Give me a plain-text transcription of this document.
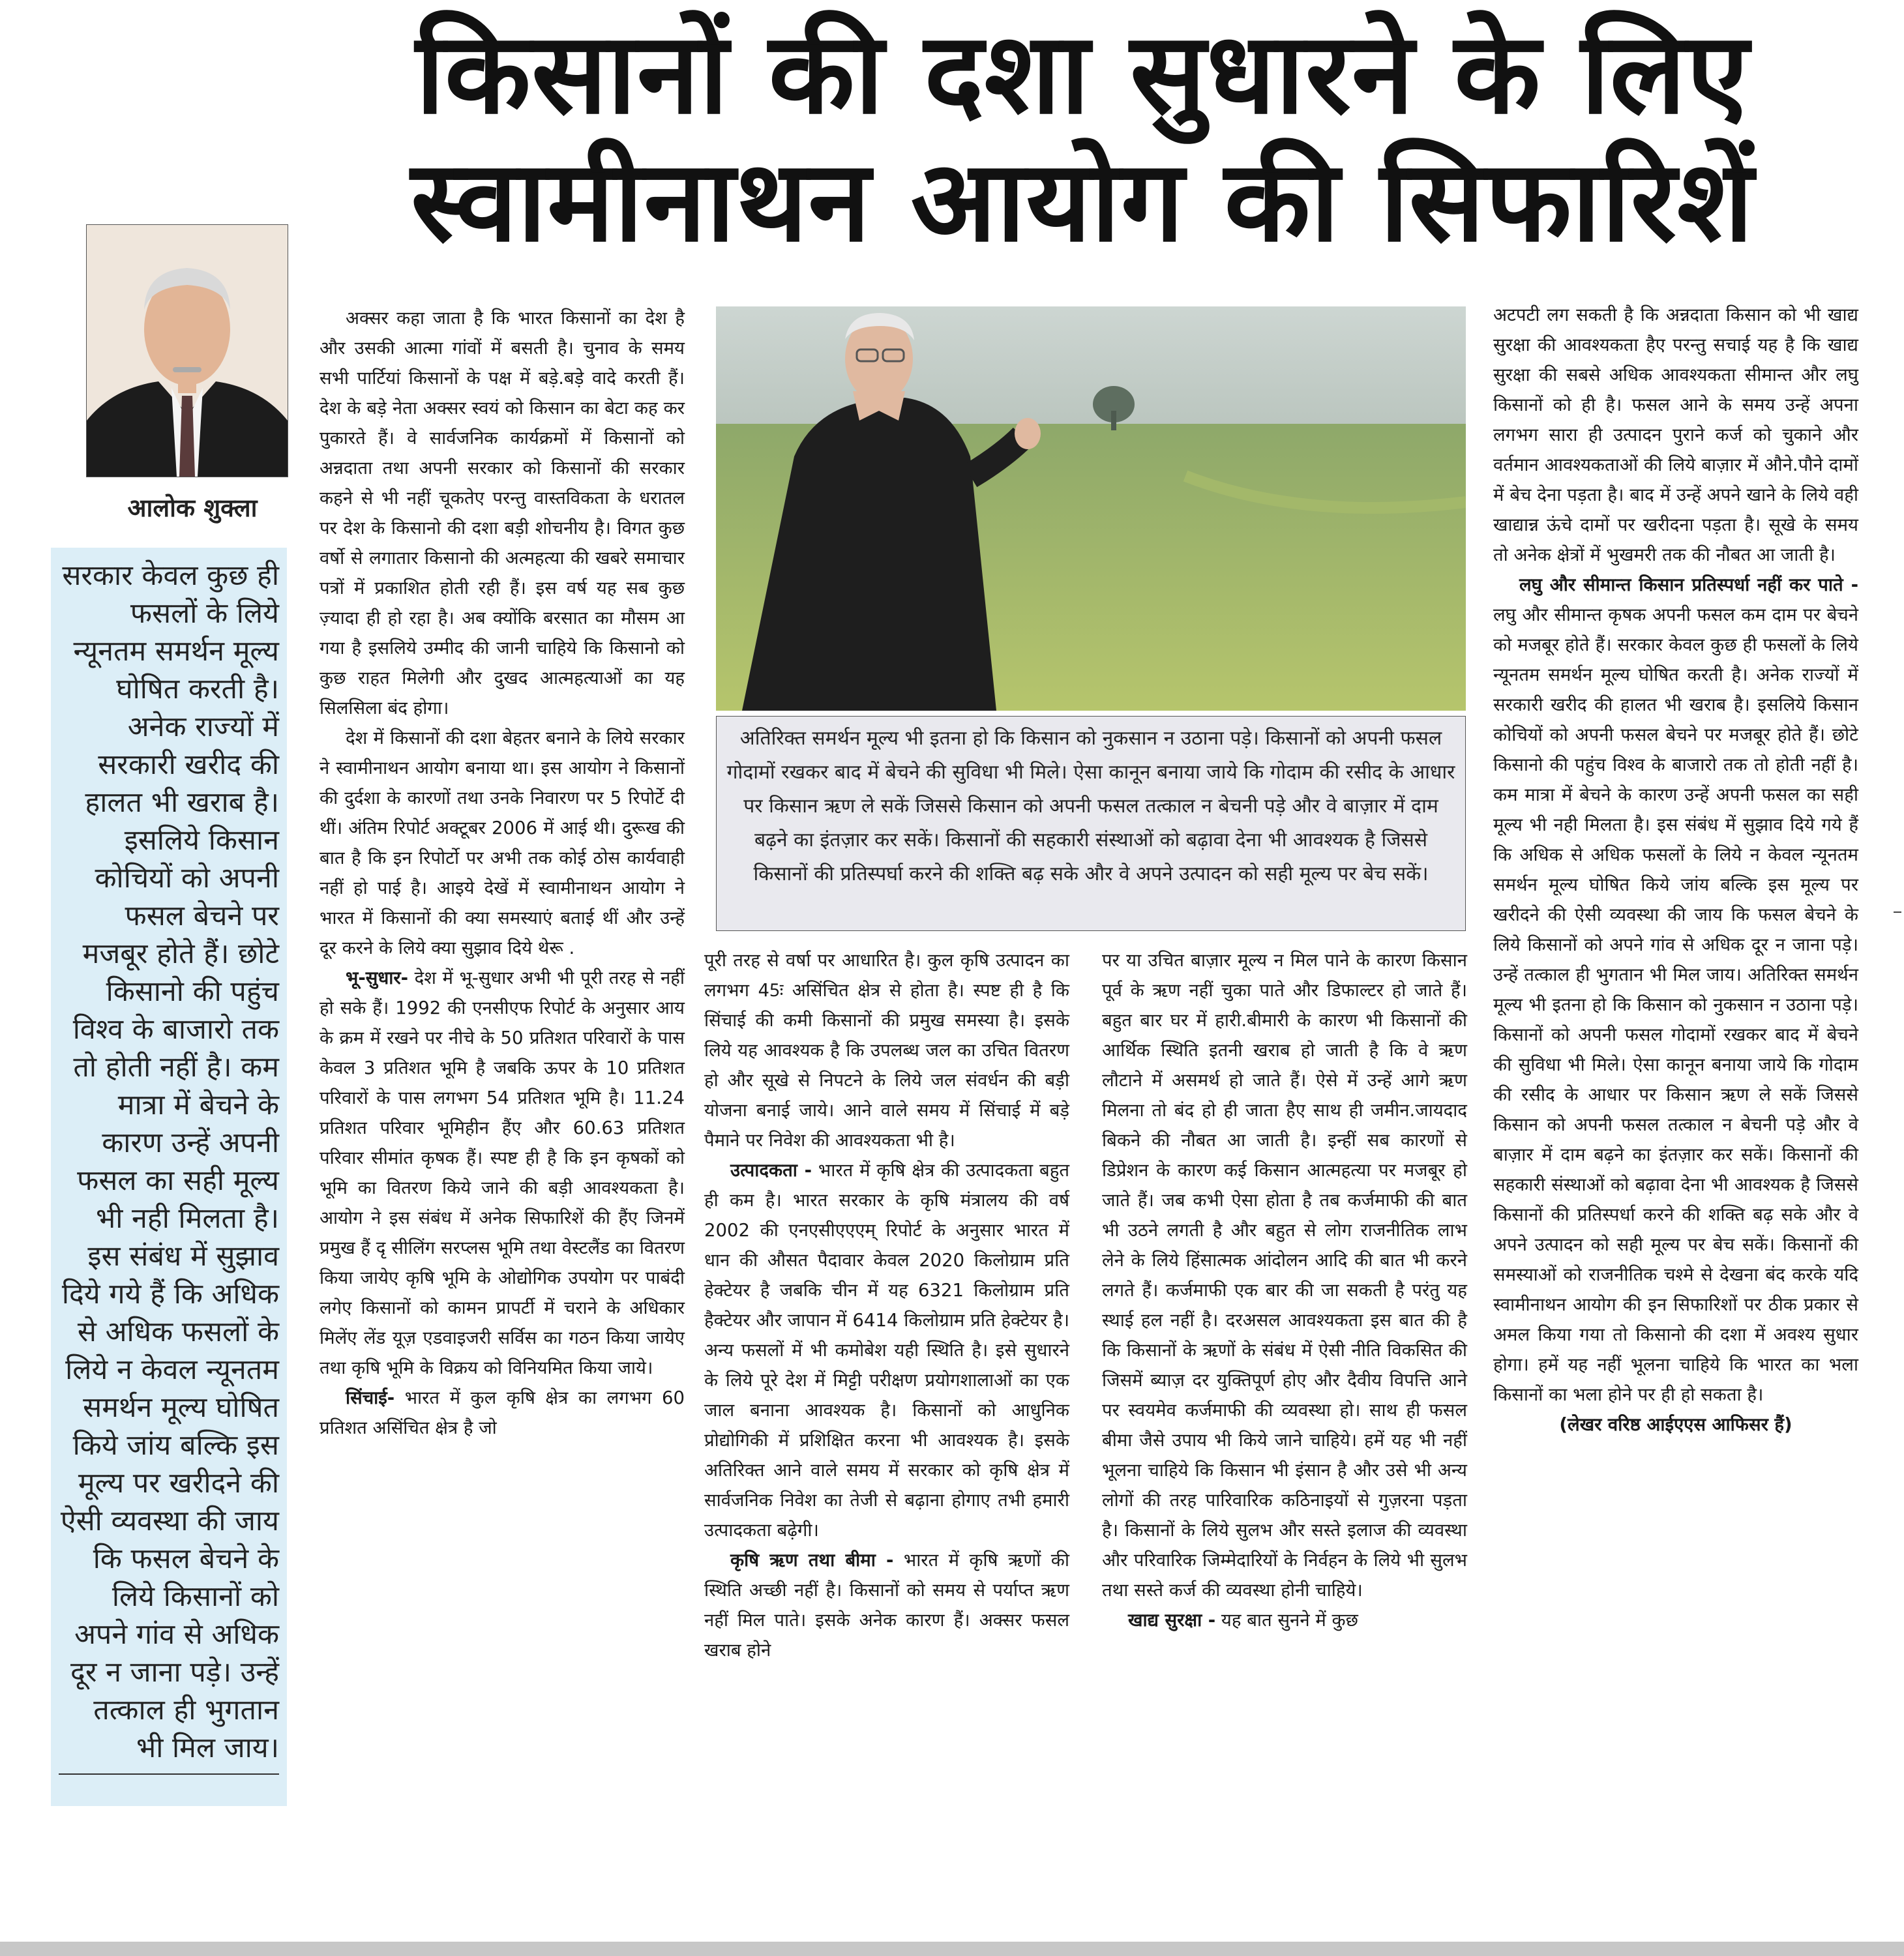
किसानों की दशा सुधारने के लिए
स्वामीनाथन आयोग की सिफारिशें
आलोक शुक्ला

सरकार केवल कुछ ही फसलों के लिये न्यूनतम समर्थन मूल्य घोषित करती है। अनेक राज्यों में सरकारी खरीद की हालत भी खराब है। इसलिये किसान कोचियों को अपनी फसल बेचने पर मजबूर होते हैं। छोटे किसानो की पहुंच विश्व के बाजारो तक तो होती नहीं है। कम मात्रा में बेचने के कारण उन्हें अपनी फसल का सही मूल्य भी नही मिलता है। इस संबंध में सुझाव दिये गये हैं कि अधिक से अधिक फसलों के लिये न केवल न्यूनतम समर्थन मूल्य घोषित किये जांय बल्कि इस मूल्य पर खरीदने की ऐसी व्यवस्था की जाय कि फसल बेचने के लिये किसानों को अपने गांव से अधिक दूर न जाना पड़े। उन्हें तत्काल ही भुगतान भी मिल जाय।

अक्सर कहा जाता है कि भारत किसानों का देश है और उसकी आत्मा गांवों में बसती है। चुनाव के समय सभी पार्टियां किसानों के पक्ष में बड़े.बड़े वादे करती हैं। देश के बड़े नेता अक्सर स्वयं को किसान का बेटा कह कर पुकारते हैं। वे सार्वजनिक कार्यक्रमों में किसानों को अन्नदाता तथा अपनी सरकार को किसानों की सरकार कहने से भी नहीं चूकतेए परन्तु वास्तविकता के धरातल पर देश के किसानो की दशा बड़ी शोचनीय है। विगत कुछ वर्षो से लगातार किसानो की अत्महत्या की खबरे समाचार पत्रों में प्रकाशित होती रही हैं। इस वर्ष यह सब कुछ ज़्यादा ही हो रहा है। अब क्योंकि बरसात का मौसम आ गया है इसलिये उम्मीद की जानी चाहिये कि किसानो को कुछ राहत मिलेगी और दुखद आत्महत्याओं का यह सिलसिला बंद होगा।

देश में किसानों की दशा बेहतर बनाने के लिये सरकार ने स्वामीनाथन आयोग बनाया था। इस आयोग ने किसानों की दुर्दशा के कारणों तथा उनके निवारण पर 5 रिपोर्टे दी थीं। अंतिम रिपोर्ट अक्टूबर 2006 में आई थी। दुरूख की बात है कि इन रिपोर्टो पर अभी तक कोई ठोस कार्यवाही नहीं हो पाई है। आइये देखें में स्वामीनाथन आयोग ने भारत में किसानों की क्या समस्याएं बताई थीं और उन्हें दूर करने के लिये क्या सुझाव दिये थेरू .

भू-सुधार- देश में भू-सुधार अभी भी पूरी तरह से नहीं हो सके हैं। 1992 की एनसीएफ रिपोर्ट के अनुसार आय के क्रम में रखने पर नीचे के 50 प्रतिशत परिवारों के पास केवल 3 प्रतिशत भूमि है जबकि ऊपर के 10 प्रतिशत परिवारों के पास लगभग 54 प्रतिशत भूमि है। 11.24 प्रतिशत परिवार भूमिहीन हैंए और 60.63 प्रतिशत परिवार सीमांत कृषक हैं। स्पष्ट ही है कि इन कृषकों को भूमि का वितरण किये जाने की बड़ी आवश्यकता है। आयोग ने इस संबंध में अनेक सिफारिशें की हैंए जिनमें प्रमुख हैं दृ सीलिंग सरप्लस भूमि तथा वेस्टलैंड का वितरण किया जायेए कृषि भूमि के ओद्योगिक उपयोग पर पाबंदी लगेए किसानों को कामन प्रापर्टी में चराने के अधिकार मिलेंए लेंड यूज़ एडवाइजरी सर्विस का गठन किया जायेए तथा कृषि भूमि के विक्रय को विनियमित किया जाये।

सिंचाई- भारत में कुल कृषि क्षेत्र का लगभग 60 प्रतिशत असिंचित क्षेत्र है जो

अतिरिक्त समर्थन मूल्य भी इतना हो कि किसान को नुकसान न उठाना पड़े। किसानों को अपनी फसल गोदामों रखकर बाद में बेचने की सुविधा भी मिले। ऐसा कानून बनाया जाये कि गोदाम की रसीद के आधार पर किसान ऋण ले सकें जिससे किसान को अपनी फसल तत्काल न बेचनी पड़े और वे बाज़ार में दाम बढ़ने का इंतज़ार कर सकें। किसानों की सहकारी संस्थाओं को बढ़ावा देना भी आवश्यक है जिससे किसानों की प्रतिस्पर्घा करने की शक्ति बढ़ सके और वे अपने उत्पादन को सही मूल्य पर बेच सकें।

पूरी तरह से वर्षा पर आधारित है। कुल कृषि उत्पादन का लगभग 45ः असिंचित क्षेत्र से होता है। स्पष्ट ही है कि सिंचाई की कमी किसानों की प्रमुख समस्या है। इसके लिये यह आवश्यक है कि उपलब्ध जल का उचित वितरण हो और सूखे से निपटने के लिये जल संवर्धन की बड़ी योजना बनाई जाये। आने वाले समय में सिंचाई में बड़े पैमाने पर निवेश की आवश्यकता भी है।

उत्पादकता - भारत में कृषि क्षेत्र की उत्पादकता बहुत ही कम है। भारत सरकार के कृषि मंत्रालय की वर्ष 2002 की एनएसीएएएम् रिपोर्ट के अनुसार भारत में धान की औसत पैदावार केवल 2020 किलोग्राम प्रति हेक्टेयर है जबकि चीन में यह 6321 किलोग्राम प्रति हैक्टेयर और जापान में 6414 किलोग्राम प्रति हेक्टेयर है। अन्य फसलों में भी कमोबेश यही स्थिति है। इसे सुधारने के लिये पूरे देश में मिट्टी परीक्षण प्रयोगशालाओं का एक जाल बनाना आवश्यक है। किसानों को आधुनिक प्रोद्योगिकी में प्रशिक्षित करना भी आवश्यक है। इसके अतिरिक्त आने वाले समय में सरकार को कृषि क्षेत्र में सार्वजनिक निवेश का तेजी से बढ़ाना होगाए तभी हमारी उत्पादकता बढ़ेगी।

कृषि ऋण तथा बीमा - भारत में कृषि ऋणों की स्थिति अच्छी नहीं है। किसानों को समय से पर्याप्त ऋण नहीं मिल पाते। इसके अनेक कारण हैं। अक्सर फसल खराब होने

पर या उचित बाज़ार मूल्य न मिल पाने के कारण किसान पूर्व के ऋण नहीं चुका पाते और डिफाल्टर हो जाते हैं। बहुत बार घर में हारी.बीमारी के कारण भी किसानों की आर्थिक स्थिति इतनी खराब हो जाती है कि वे ऋण लौटाने में असमर्थ हो जाते हैं। ऐसे में उन्हें आगे ऋण मिलना तो बंद हो ही जाता हैए साथ ही जमीन.जायदाद बिकने की नौबत आ जाती है। इन्हीं सब कारणों से डिप्रेशन के कारण कई किसान आत्महत्या पर मजबूर हो जाते हैं। जब कभी ऐसा होता है तब कर्जमाफी की बात भी उठने लगती है और बहुत से लोग राजनीतिक लाभ लेने के लिये हिंसात्मक आंदोलन आदि की बात भी करने लगते हैं। कर्जमाफी एक बार की जा सकती है परंतु यह स्थाई हल नहीं है। दरअसल आवश्यकता इस बात की है कि किसानों के ऋणों के संबंध में ऐसी नीति विकसित की जिसमें ब्याज़ दर युक्तिपूर्ण होए और दैवीय विपत्ति आने पर स्वयमेव कर्जमाफी की व्यवस्था हो। साथ ही फसल बीमा जैसे उपाय भी किये जाने चाहिये। हमें यह भी नहीं भूलना चाहिये कि किसान भी इंसान है और उसे भी अन्य लोगों की तरह पारिवारिक कठिनाइयों से गुज़रना पड़ता है। किसानों के लिये सुलभ और सस्ते इलाज की व्यवस्था और परिवारिक जिम्मेदारियों के निर्वहन के लिये भी सुलभ तथा सस्ते कर्ज की व्यवस्था होनी चाहिये।

खाद्य सुरक्षा - यह बात सुनने में कुछ

अटपटी लग सकती है कि अन्नदाता किसान को भी खाद्य सुरक्षा की आवश्यकता हैए परन्तु सचाई यह है कि खाद्य सुरक्षा की सबसे अधिक आवश्यकता सीमान्त और लघु किसानों को ही है। फसल आने के समय उन्हें अपना लगभग सारा ही उत्पादन पुराने कर्ज को चुकाने और वर्तमान आवश्यकताओं की लिये बाज़ार में औने.पौने दामों में बेच देना पड़ता है। बाद में उन्हें अपने खाने के लिये वही खाद्यान्न ऊंचे दामों पर खरीदना पड़ता है। सूखे के समय तो अनेक क्षेत्रों में भुखमरी तक की नौबत आ जाती है।

लघु और सीमान्त किसान प्रतिस्पर्धा नहीं कर पाते - लघु और सीमान्त कृषक अपनी फसल कम दाम पर बेचने को मजबूर होते हैं। सरकार केवल कुछ ही फसलों के लिये न्यूनतम समर्थन मूल्य घोषित करती है। अनेक राज्यों में सरकारी खरीद की हालत भी खराब है। इसलिये किसान कोचियों को अपनी फसल बेचने पर मजबूर होते हैं। छोटे किसानो की पहुंच विश्व के बाजारो तक तो होती नहीं है। कम मात्रा में बेचने के कारण उन्हें अपनी फसल का सही मूल्य भी नही मिलता है। इस संबंध में सुझाव दिये गये हैं कि अधिक से अधिक फसलों के लिये न केवल न्यूनतम समर्थन मूल्य घोषित किये जांय बल्कि इस मूल्य पर खरीदने की ऐसी व्यवस्था की जाय कि फसल बेचने के लिये किसानों को अपने गांव से अधिक दूर न जाना पड़े। उन्हें तत्काल ही भुगतान भी मिल जाय। अतिरिक्त समर्थन मूल्य भी इतना हो कि किसान को नुकसान न उठाना पड़े। किसानों को अपनी फसल गोदामों रखकर बाद में बेचने की सुविधा भी मिले। ऐसा कानून बनाया जाये कि गोदाम की रसीद के आधार पर किसान ऋण ले सकें जिससे किसान को अपनी फसल तत्काल न बेचनी पड़े और वे बाज़ार में दाम बढ़ने का इंतज़ार कर सकें। किसानों की सहकारी संस्थाओं को बढ़ावा देना भी आवश्यक है जिससे किसानों की प्रतिस्पर्धा करने की शक्ति बढ़ सके और वे अपने उत्पादन को सही मूल्य पर बेच सकें। किसानों की समस्याओं को राजनीतिक चश्मे से देखना बंद करके यदि स्वामीनाथन आयोग की इन सिफारिशों पर ठीक प्रकार से अमल किया गया तो किसानो की दशा में अवश्य सुधार होगा। हमें यह नहीं भूलना चाहिये कि भारत का भला किसानों का भला होने पर ही हो सकता है।

(लेखर वरिष्ठ आईएएस आफिसर हैं)
